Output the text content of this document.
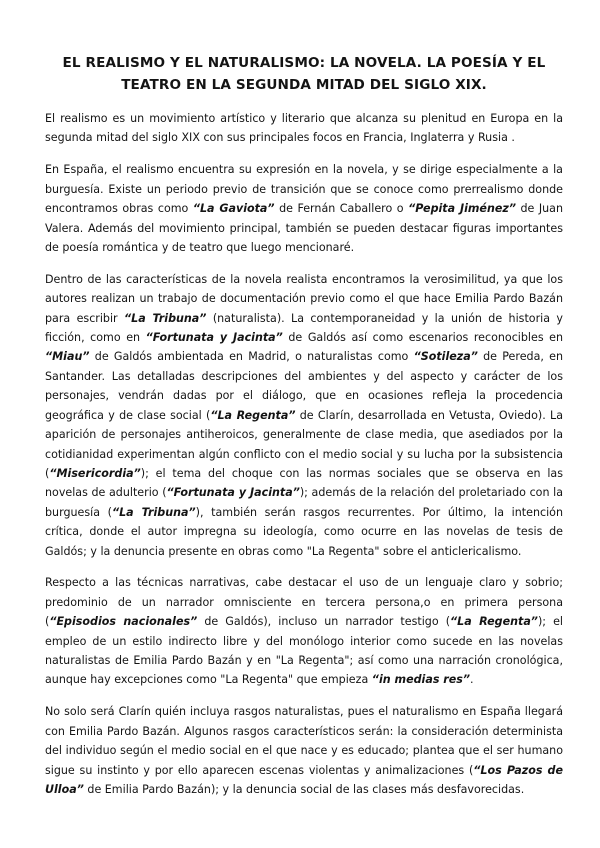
EL REALISMO Y EL NATURALISMO: LA NOVELA. LA POESÍA Y EL TEATRO EN LA SEGUNDA MITAD DEL SIGLO XIX.

El realismo es un movimiento artístico y literario que alcanza su plenitud en Europa en la segunda mitad del siglo XIX con sus principales focos en Francia, Inglaterra y Rusia .

En España, el realismo encuentra su expresión en la novela, y se dirige especialmente a la burguesía. Existe un periodo previo de transición que se conoce como prerrealismo donde encontramos obras como “La Gaviota” de Fernán Caballero o “Pepita Jiménez” de Juan Valera. Además del movimiento principal, también se pueden destacar figuras importantes de poesía romántica y de teatro que luego mencionaré.

Dentro de las características de la novela realista encontramos la verosimilitud, ya que los autores realizan un trabajo de documentación previo como el que hace Emilia Pardo Bazán para escribir “La Tribuna” (naturalista). La contemporaneidad y la unión de historia y ficción, como en “Fortunata y Jacinta” de Galdós así como escenarios reconocibles en “Miau” de Galdós ambientada en Madrid, o naturalistas como “Sotileza” de Pereda, en Santander. Las detalladas descripciones del ambientes y del aspecto y carácter de los personajes, vendrán dadas por el diálogo, que en ocasiones refleja la procedencia geográfica y de clase social (“La Regenta” de Clarín, desarrollada en Vetusta, Oviedo). La aparición de personajes antiheroicos, generalmente de clase media, que asediados por la cotidianidad experimentan algún conflicto con el medio social y su lucha por la subsistencia (“Misericordia”); el tema del choque con las normas sociales que se observa en las novelas de adulterio (“Fortunata y Jacinta”); además de la relación del proletariado con la burguesía (“La Tribuna”), también serán rasgos recurrentes. Por último, la intención crítica, donde el autor impregna su ideología, como ocurre en las novelas de tesis de Galdós; y la denuncia presente en obras como "La Regenta" sobre el anticlericalismo.

Respecto a las técnicas narrativas, cabe destacar el uso de un lenguaje claro y sobrio; predominio de un narrador omnisciente en tercera persona,o en primera persona (“Episodios nacionales” de Galdós), incluso un narrador testigo (“La Regenta”); el empleo de un estilo indirecto libre y del monólogo interior como sucede en las novelas naturalistas de Emilia Pardo Bazán y en "La Regenta"; así como una narración cronológica, aunque hay excepciones como "La Regenta" que empieza “in medias res”.

No solo será Clarín quién incluya rasgos naturalistas, pues el naturalismo en España llegará con Emilia Pardo Bazán. Algunos rasgos característicos serán: la consideración determinista del individuo según el medio social en el que nace y es educado; plantea que el ser humano sigue su instinto y por ello aparecen escenas violentas y animalizaciones (“Los Pazos de Ulloa” de Emilia Pardo Bazán); y la denuncia social de las clases más desfavorecidas.
